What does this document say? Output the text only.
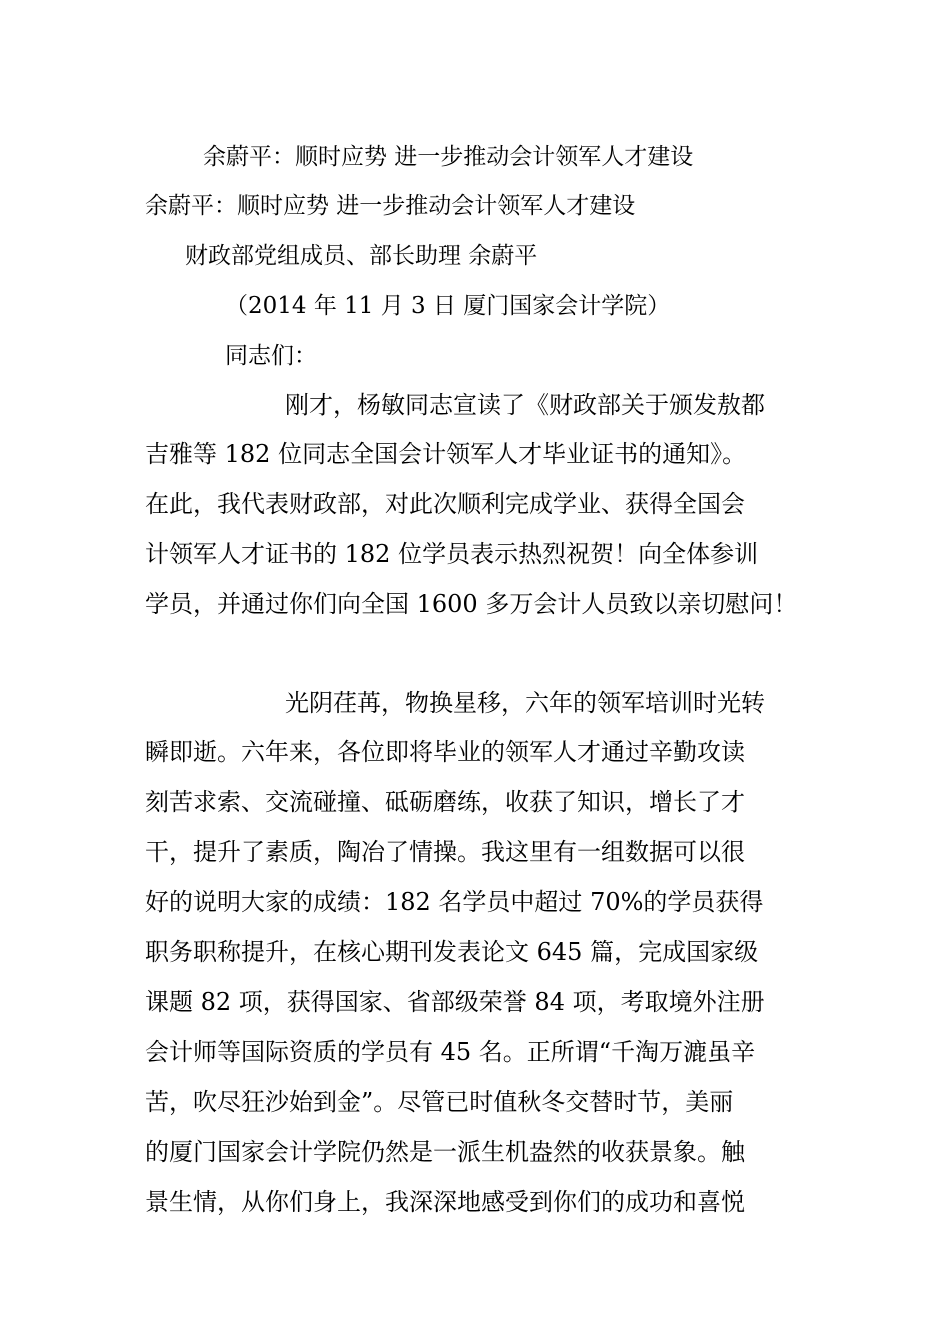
余蔚平：顺时应势 进一步推动会计领军人才建设
余蔚平：顺时应势 进一步推动会计领军人才建设
财政部党组成员、部长助理 余蔚平
（2014 年 11 月 3 日 厦门国家会计学院）
同志们：
刚才，杨敏同志宣读了《财政部关于颁发敖都
吉雅等 182 位同志全国会计领军人才毕业证书的通知》。
在此，我代表财政部，对此次顺利完成学业、获得全国会
计领军人才证书的 182 位学员表示热烈祝贺！向全体参训
学员，并通过你们向全国 1600 多万会计人员致以亲切慰问！
光阴荏苒，物换星移，六年的领军培训时光转
瞬即逝。六年来，各位即将毕业的领军人才通过辛勤攻读
刻苦求索、交流碰撞、砥砺磨练，收获了知识，增长了才
干，提升了素质，陶冶了情操。我这里有一组数据可以很
好的说明大家的成绩：182 名学员中超过 70%的学员获得
职务职称提升，在核心期刊发表论文 645 篇，完成国家级
课题 82 项，获得国家、省部级荣誉 84 项，考取境外注册
会计师等国际资质的学员有 45 名。正所谓“千淘万漉虽辛
苦，吹尽狂沙始到金”。尽管已时值秋冬交替时节，美丽
的厦门国家会计学院仍然是一派生机盎然的收获景象。触
景生情，从你们身上，我深深地感受到你们的成功和喜悦
